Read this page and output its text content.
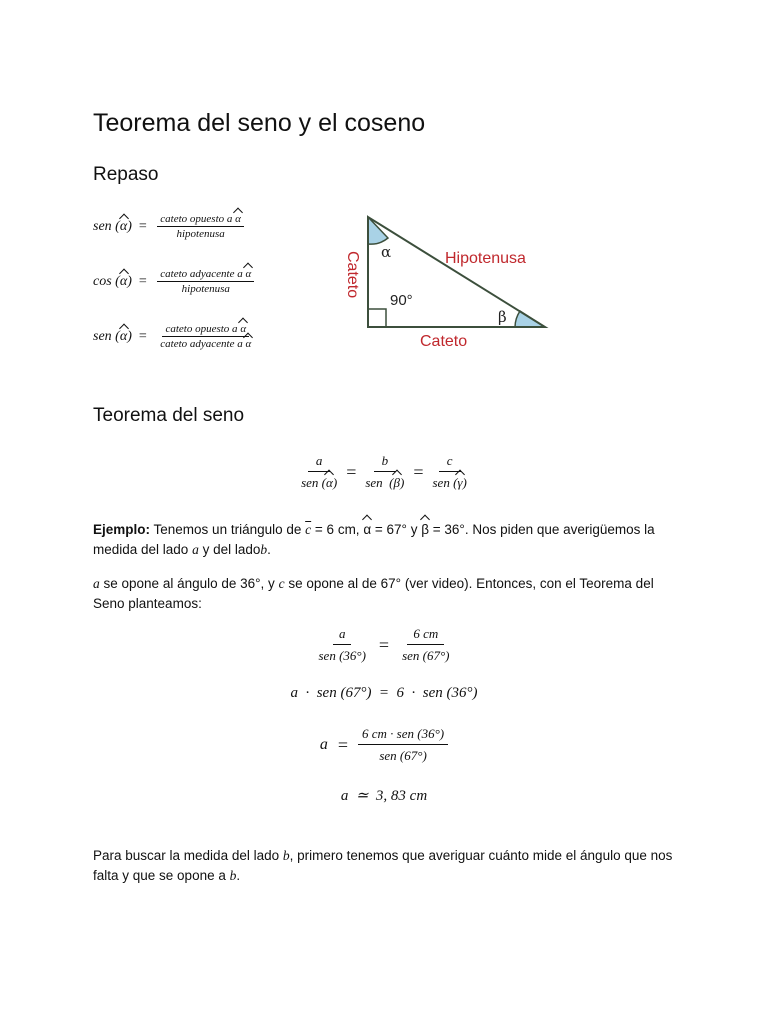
Teorema del seno y el coseno
Repaso
sen ( α ) =
$\frac{\text{cateto opuesto a α}}{\text{hipotenusa}}$
cos ( α ) =
$\frac{\text{cateto adyacente a α}}{\text{hipotenusa}}$
sen ( α ) =
$\frac{\text{cateto opuesto a α}}{\text{cateto adyacente a α}}$
α
β
90°
Hipotenusa
Cateto
Cateto
Teorema del seno
$\frac{a}{\text{sen (α)}} = \frac{b}{\text{sen  (β)}} = \frac{c}{\text{sen (γ)}}$
Ejemplo: Tenemos un triángulo de $\overline{c} = 6$ cm, α = 67° y β = 36°. Nos piden que averigüemos la medida del lado a y del ladob.
a se opone al ángulo de 36°, y c se opone al de 67° (ver video). Entonces, con el Teorema del Seno planteamos:
$\frac{a}{\text{sen (36°)}} = \frac{6 cm}{\text{sen (67°)}}$
a  ·  sen (67°)  =  6  ·  sen (36°)
$a = \frac{\text{6 cm · sen (36°)}}{\text{sen (67°)}}$
a  ≃  3, 83 cm
Para buscar la medida del lado b, primero tenemos que averiguar cuánto mide el ángulo que nos falta y que se opone a b.
